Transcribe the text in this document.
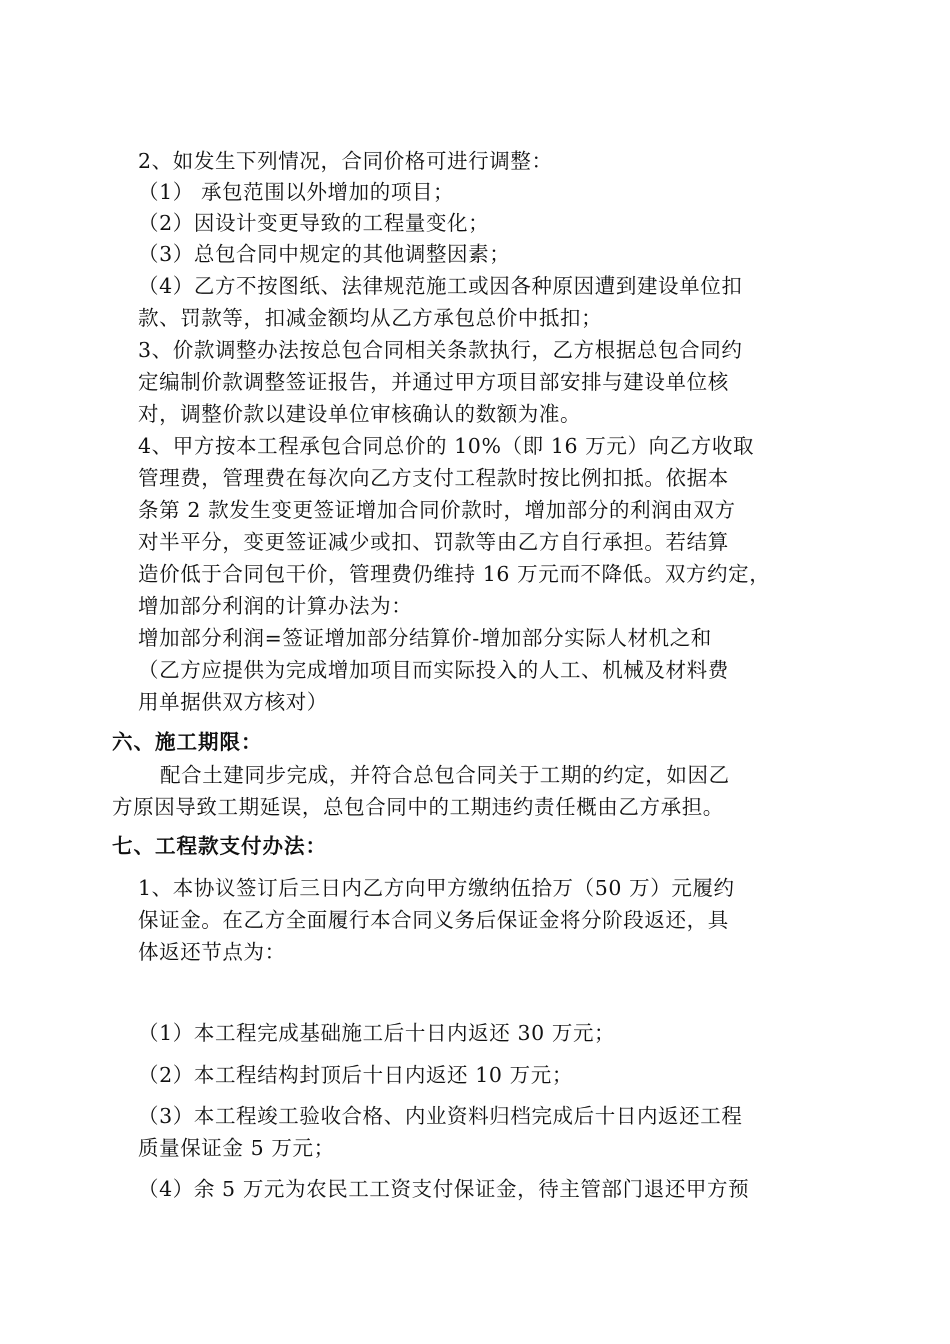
2、如发生下列情况，合同价格可进行调整：
（1） 承包范围以外增加的项目；
（2）因设计变更导致的工程量变化；
（3）总包合同中规定的其他调整因素；
（4）乙方不按图纸、法律规范施工或因各种原因遭到建设单位扣
款、罚款等，扣减金额均从乙方承包总价中抵扣；
3、价款调整办法按总包合同相关条款执行，乙方根据总包合同约
定编制价款调整签证报告，并通过甲方项目部安排与建设单位核
对，调整价款以建设单位审核确认的数额为准。
4、甲方按本工程承包合同总价的 10%（即 16 万元）向乙方收取
管理费，管理费在每次向乙方支付工程款时按比例扣抵。依据本
条第 2 款发生变更签证增加合同价款时，增加部分的利润由双方
对半平分，变更签证减少或扣、罚款等由乙方自行承担。若结算
造价低于合同包干价，管理费仍维持 16 万元而不降低。双方约定，
增加部分利润的计算办法为：
增加部分利润=签证增加部分结算价-增加部分实际人材机之和
（乙方应提供为完成增加项目而实际投入的人工、机械及材料费
用单据供双方核对）
六、施工期限：
配合土建同步完成，并符合总包合同关于工期的约定，如因乙
方原因导致工期延误，总包合同中的工期违约责任概由乙方承担。
七、工程款支付办法：
1、本协议签订后三日内乙方向甲方缴纳伍拾万（50 万）元履约
保证金。在乙方全面履行本合同义务后保证金将分阶段返还，具
体返还节点为：
（1）本工程完成基础施工后十日内返还 30 万元；
（2）本工程结构封顶后十日内返还 10 万元；
（3）本工程竣工验收合格、内业资料归档完成后十日内返还工程
质量保证金 5 万元；
（4）余 5 万元为农民工工资支付保证金，待主管部门退还甲方预
